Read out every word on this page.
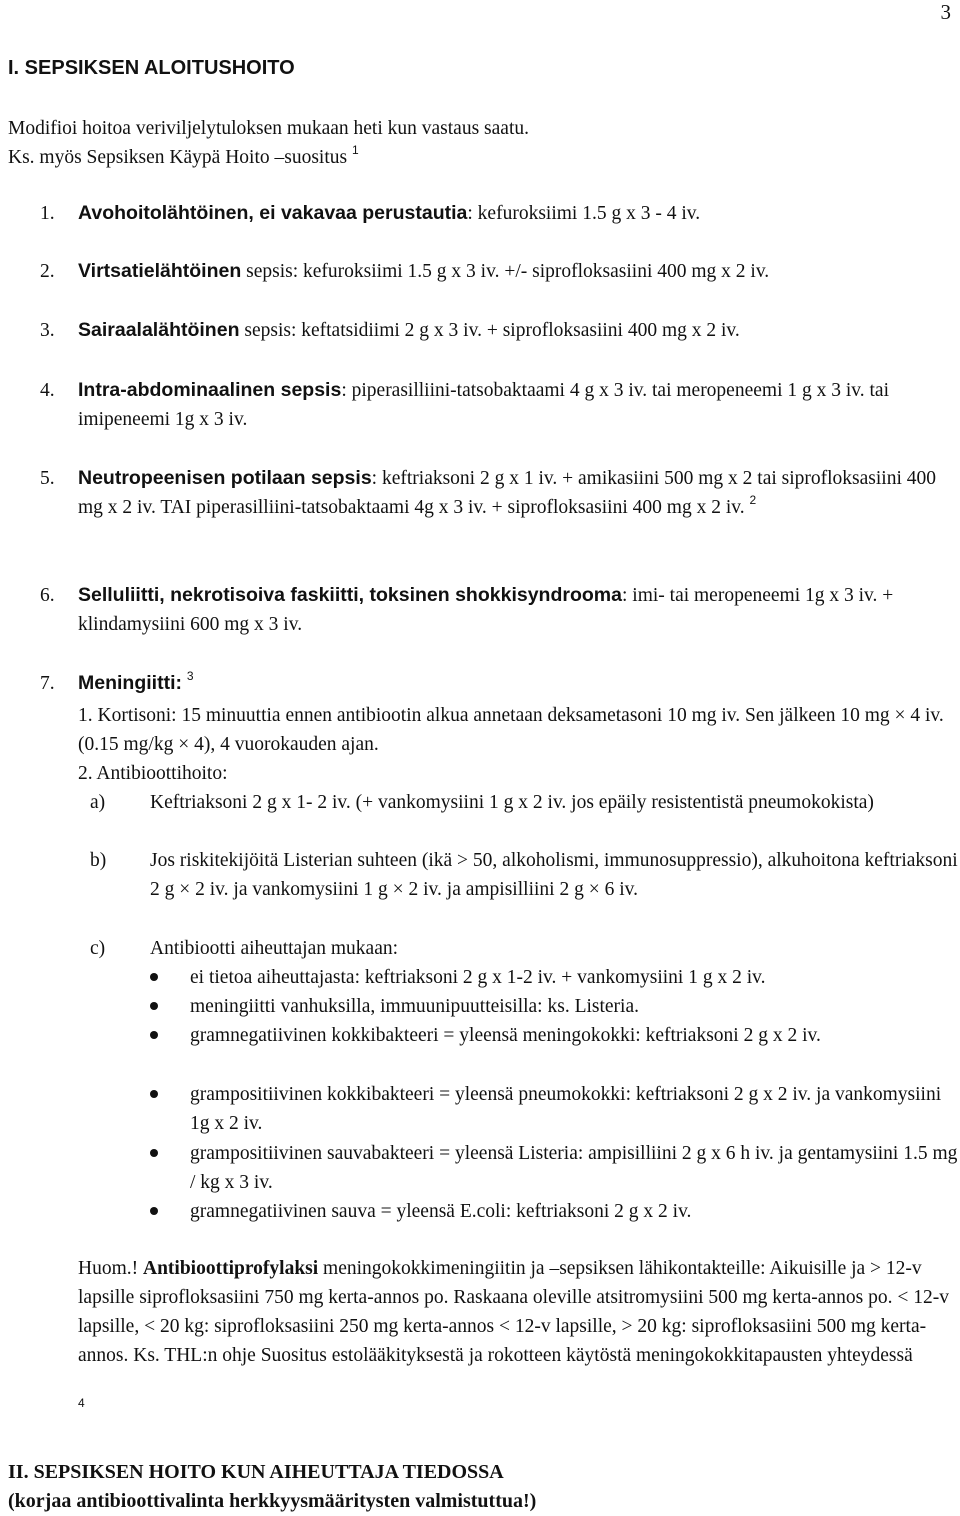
3
I. SEPSIKSEN ALOITUSHOITO
Modifioi hoitoa veriviljelytuloksen mukaan heti kun vastaus saatu.
Ks. myös Sepsiksen Käypä Hoito –suositus $^1$
1.	Avohoitolähtöinen, ei vakavaa perustautia: kefuroksiimi 1.5 g x 3 - 4 iv.
2.	Virtsatielähtöinen sepsis: kefuroksiimi 1.5 g x 3 iv. +/- siprofloksasiini 400 mg x 2 iv.
3.	Sairaalalähtöinen sepsis: keftatsidiimi 2 g x 3 iv. + siprofloksasiini 400 mg x 2 iv.
4.	Intra-abdominaalinen sepsis: piperasilliini-tatsobaktaami 4 g x 3 iv. tai meropeneemi 1 g x 3 iv. tai imipeneemi 1g x 3 iv.
5.	Neutropeenisen potilaan sepsis: keftriaksoni 2 g x 1 iv. + amikasiini 500 mg x 2 tai siprofloksasiini 400 mg x 2 iv. TAI piperasilliini-tatsobaktaami 4g x 3 iv. + siprofloksasiini 400 mg x 2 iv. $^2$
6.	Selluliitti, nekrotisoiva faskiitti, toksinen shokkisyndrooma: imi- tai meropeneemi 1g x 3 iv. + klindamysiini 600 mg x 3 iv.
7.	Meningiitti: $^3$
1. Kortisoni: 15 minuuttia ennen antibiootin alkua annetaan deksametasoni 10 mg iv. Sen jälkeen 10 mg × 4 iv. (0.15 mg/kg × 4), 4 vuorokauden ajan.
2. Antibioottihoito:
a)	Keftriaksoni 2 g x 1- 2 iv. (+ vankomysiini 1 g x 2 iv. jos epäily resistentistä pneumokokista)
b)	Jos riskitekijöitä Listerian suhteen (ikä > 50, alkoholismi, immunosuppressio), alkuhoitona keftriaksoni 2 g × 2 iv. ja vankomysiini 1 g × 2 iv. ja ampisilliini 2 g × 6 iv.
c)	Antibiootti aiheuttajan mukaan:
ei tietoa aiheuttajasta: keftriaksoni 2 g x 1-2 iv. + vankomysiini 1 g x 2 iv.
meningiitti vanhuksilla, immuunipuutteisilla: ks. Listeria.
gramnegatiivinen kokkibakteeri = yleensä meningokokki: keftriaksoni 2 g x 2 iv.
grampositiivinen kokkibakteeri = yleensä pneumokokki: keftriaksoni 2 g x 2 iv. ja vankomysiini 1g x 2 iv.
grampositiivinen sauvabakteeri = yleensä Listeria: ampisilliini 2 g x 6 h iv. ja gentamysiini 1.5 mg / kg x 3 iv.
gramnegatiivinen sauva = yleensä E.coli: keftriaksoni 2 g x 2 iv.
Huom.! Antibioottiprofylaksi meningokokkimeningiitin ja –sepsiksen lähikontakteille: Aikuisille ja > 12-v lapsille siprofloksasiini 750 mg kerta-annos po. Raskaana oleville atsitromysiini 500 mg kerta-annos po. < 12-v lapsille, < 20 kg: siprofloksasiini 250 mg kerta-annos < 12-v lapsille, > 20 kg: siprofloksasiini 500 mg kerta-annos. Ks. THL:n ohje Suositus estolääkityksestä ja rokotteen käytöstä meningokokkitapausten yhteydessä
4
II. SEPSIKSEN HOITO KUN AIHEUTTAJA TIEDOSSA
(korjaa antibioottivalinta herkkyysmääritysten valmistuttua!)
